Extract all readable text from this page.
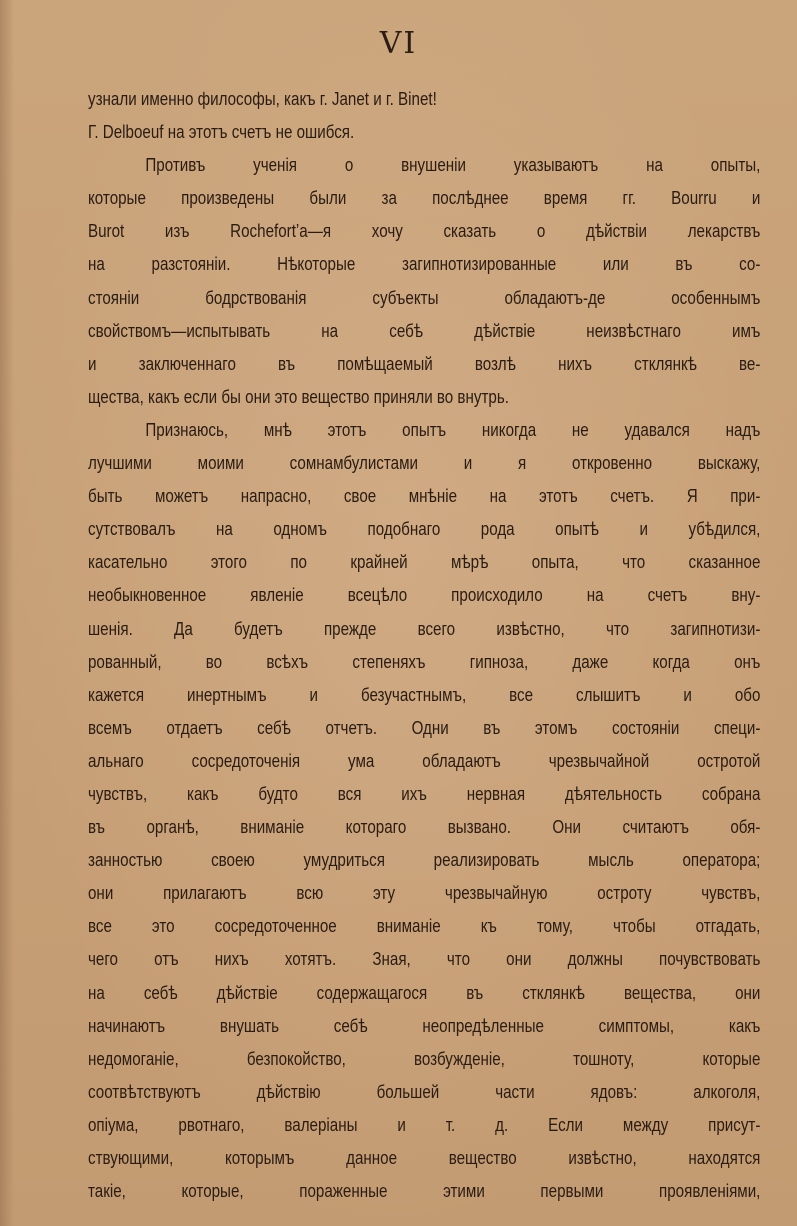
VI
узнали именно философы, какъ г. Janet и г. Binet!
Г. Delboeuf на этотъ счетъ не ошибся.
Противъ ученія о внушеніи указываютъ на опыты,
которые произведены были за послѣднее время гг. Bourru и
Burot изъ Rochefort’a—я хочу сказать о дѣйствіи лекарствъ
на разстояніи. Нѣкоторые загипнотизированные или въ со-
стояніи бодрствованія субъекты обладаютъ-де особеннымъ
свойствомъ—испытывать на себѣ дѣйствіе неизвѣстнаго имъ
и заключеннаго въ помѣщаемый возлѣ нихъ стклянкѣ ве-
щества, какъ если бы они это вещество приняли во внутрь.
Признаюсь, мнѣ этотъ опытъ никогда не удавался надъ
лучшими моими сомнамбулистами и я откровенно выскажу,
быть можетъ напрасно, свое мнѣніе на этотъ счетъ. Я при-
сутствовалъ на одномъ подобнаго рода опытѣ и убѣдился,
касательно этого по крайней мѣрѣ опыта, что сказанное
необыкновенное явленіе всецѣло происходило на счетъ вну-
шенія. Да будетъ прежде всего извѣстно, что загипнотизи-
рованный, во всѣхъ степеняхъ гипноза, даже когда онъ
кажется инертнымъ и безучастнымъ, все слышитъ и обо
всемъ отдаетъ себѣ отчетъ. Одни въ этомъ состояніи специ-
альнаго сосредоточенія ума обладаютъ чрезвычайной остротой
чувствъ, какъ будто вся ихъ нервная дѣятельность собрана
въ органѣ, вниманіе котораго вызвано. Они считаютъ обя-
занностью своею умудриться реализировать мысль оператора;
они прилагаютъ всю эту чрезвычайную остроту чувствъ,
все это сосредоточенное вниманіе къ тому, чтобы отгадать,
чего отъ нихъ хотятъ. Зная, что они должны почувствовать
на себѣ дѣйствіе содержащагося въ стклянкѣ вещества, они
начинаютъ внушать себѣ неопредѣленные симптомы, какъ
недомоганіе, безпокойство, возбужденіе, тошноту, которые
соотвѣтствуютъ дѣйствію большей части ядовъ: алкоголя,
опіума, рвотнаго, валеріаны и т. д. Если между присут-
ствующими, которымъ данное вещество извѣстно, находятся
такіе, которые, пораженные этими первыми проявленіями,
